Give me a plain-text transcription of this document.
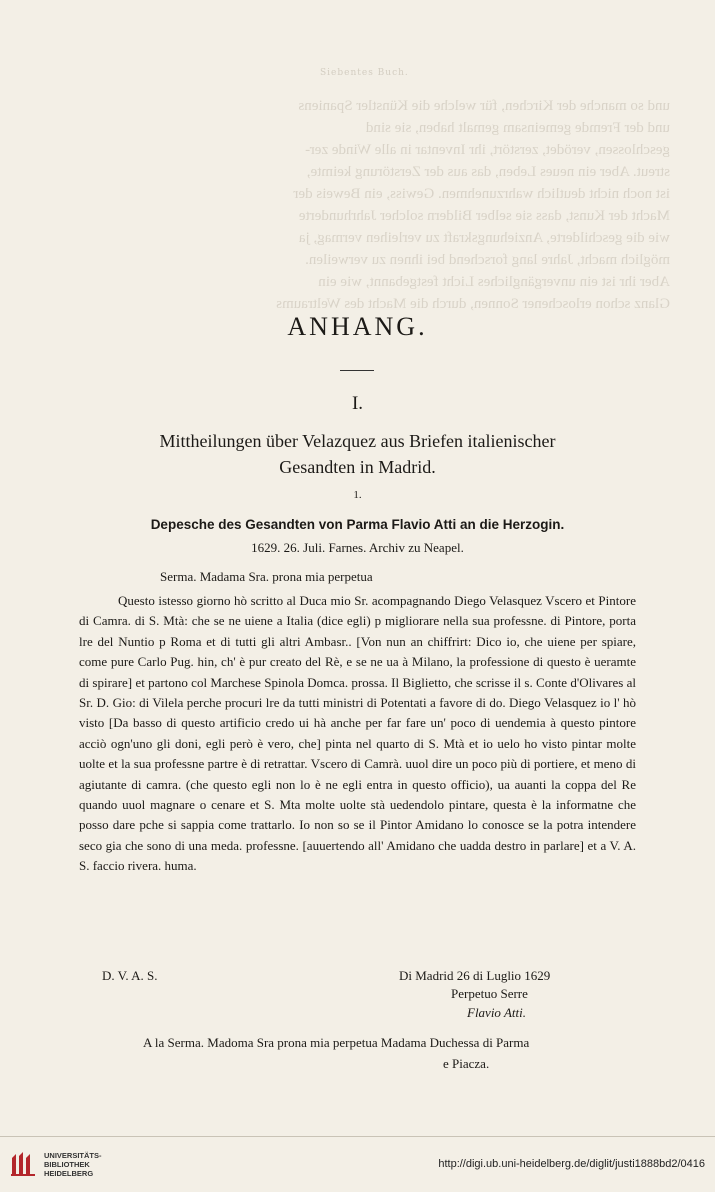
Siebentes Buch.
und so manche der Kirchen, für welche die Künstler Spaniens
und der Fremde gemeinsam gemalt haben, sie sind
geschlossen, verödet, zerstört, ihr Inventar in alle Winde zer-
streut. Aber ein neues Leben, das aus der Zerstörung keimte,
ist noch nicht deutlich wahrzunehmen. Gewiss, ein Beweis der
Macht der Kunst, dass sie selber Bildern solcher Jahrhunderte
wie die geschilderte, Anziehungskraft zu verleihen vermag, ja
möglich macht, Jahre lang forschend bei ihnen zu verweilen.
Aber ihr ist ein unvergängliches Licht festgebannt, wie ein
Glanz schon erloschener Sonnen, durch die Macht des Weltraums
ANHANG.
I.
Mittheilungen über Velazquez aus Briefen italienischer
Gesandten in Madrid.
1.
Depesche des Gesandten von Parma Flavio Atti an die Herzogin.
1629. 26. Juli. Farnes. Archiv zu Neapel.
Serma. Madama Sra. prona mia perpetua

Questo istesso giorno hò scritto al Duca mio Sr. acompagnando Diego Velasquez Vscero et Pintore di Camra. di S. Mtà: che se ne uiene a Italia (dice egli) p migliorare nella sua professne. di Pintore, porta lre del Nuntio p Roma et di tutti gli altri Ambasr.. [Von nun an chiffrirt: Dico io, che uiene per spiare, come pure Carlo Pug. hin, ch' è pur creato del Rè, e se ne ua à Milano, la professione di questo è ueramte di spirare] et partono col Marchese Spinola Domca. prossa. Il Biglietto, che scrisse il s. Conte d'Olivares al Sr. D. Gio: di Vilela perche procuri lre da tutti ministri di Potentati a favore di do. Diego Velasquez io l' hò visto [Da basso di questo artificio credo ui hà anche per far fare un' poco di uendemia à questo pintore acciò ogn'uno gli doni, egli però è vero, che] pinta nel quarto di S. Mtà et io uelo ho visto pintar molte uolte et la sua professne partre è di retrattar. Vscero di Camrà. uuol dire un poco più di portiere, et meno di agiutante di camra. (che questo egli non lo è ne egli entra in questo officio), ua auanti la coppa del Re quando uuol magnare o cenare et S. Mta molte uolte stà uedendolo pintare, questa è la informatne che posso dare pche si sappia come trattarlo. Io non so se il Pintor Amidano lo conosce se la potra intendere seco gia che sono di una meda. professne. [auuertendo all' Amidano che uadda destro in parlare] et a V. A. S. faccio rivera. huma.

D. V. A. S.	Di Madrid 26 di Luglio 1629
Perpetuo Serre
Flavio Atti.
A la Serma. Madoma Sra prona mia perpetua Madama Duchessa di Parma
e Piacza.
UNIVERSITÄTS-
BIBLIOTHEK
HEIDELBERG
http://digi.ub.uni-heidelberg.de/diglit/justi1888bd2/0416
